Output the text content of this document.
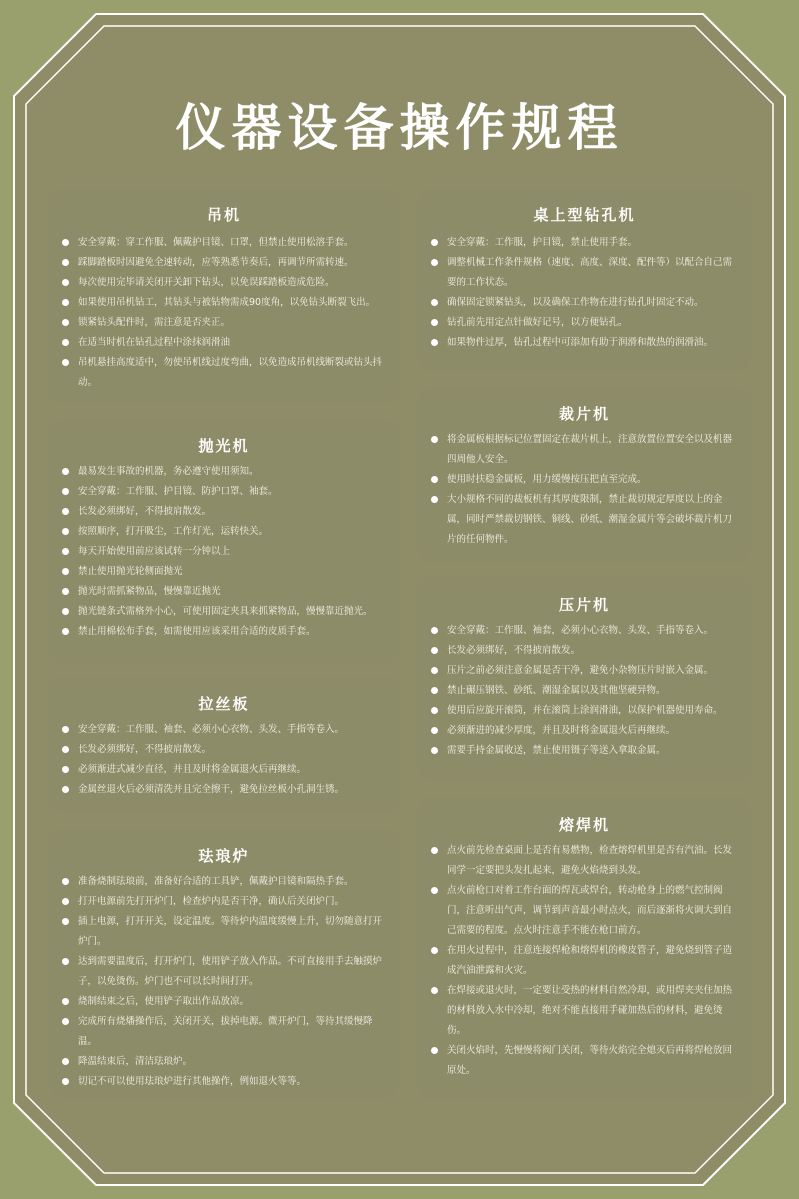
仪器设备操作规程
吊机
安全穿戴：穿工作服、佩戴护目镜、口罩，但禁止使用松溶手套。
踩脚踏板时因避免全速转动，应等熟悉节奏后，再调节所需转速。
每次使用完毕请关闭开关卸下钻头，以免误踩踏板造成危险。
如果使用吊机钻工，其钻头与被钻物需成90度角，以免钻头断裂飞出。
锁紧钻头配件时，需注意是否夹正。
在适当时机在钻孔过程中涂抹润滑油
吊机悬挂高度适中，勿使吊机线过度弯曲，以免造成吊机线断裂或钻头抖动。
抛光机
最易发生事故的机器，务必遵守使用须知。
安全穿戴：工作服、护目镜、防护口罩、袖套。
长发必须绑好，不得披肩散发。
按照顺序，打开吸尘，工作灯光，运转快关。
每天开始使用前应该试转一分钟以上
禁止使用抛光轮侧面抛光
抛光时需抓紧物品，慢慢靠近抛光
抛光链条式需格外小心，可使用固定夹具来抓紧物品，慢慢靠近抛光。
禁止用棉松布手套，如需使用应该采用合适的皮质手套。
拉丝板
安全穿戴：工作服、袖套、必须小心衣物、头发、手指等卷入。
长发必须绑好，不得披肩散发。
必须渐进式减少直径，并且及时将金属退火后再继续。
金属丝退火后必须清洗并且完全擦干，避免拉丝板小孔洞生锈。
珐琅炉
准备烧制珐琅前，准备好合适的工具铲，佩戴护目镜和隔热手套。
打开电源前先打开炉门，检查炉内是否干净，确认后关闭炉门。
插上电源，打开开关，设定温度。等待炉内温度缓慢上升，切勿随意打开炉门。
达到需要温度后，打开炉门，使用铲子放入作品。不可直接用手去触摸炉子，以免烫伤。炉门也不可以长时间打开。
烧制结束之后，使用铲子取出作品放凉。
完成所有烧燔操作后，关闭开关，拔掉电源。微开炉门，等待其缓慢降温。
降温结束后，清洁珐琅炉。
切记不可以使用珐琅炉进行其他操作，例如退火等等。
桌上型钻孔机
安全穿戴：工作服，护目镜，禁止使用手套。
调整机械工作条件规格（速度、高度、深度、配件等）以配合自己需要的工作状态。
确保固定锁紧钻头，以及确保工作物在进行钻孔时固定不动。
钻孔前先用定点针做好记号，以方便钻孔。
如果物件过厚，钻孔过程中可添加有助于润滑和散热的润滑油。
裁片机
将金属板根据标记位置固定在裁片机上，注意放置位置安全以及机器四周他人安全。
使用时扶稳金属板，用力缓慢按压把直至完成。
大小规格不同的裁板机有其厚度限制，禁止裁切规定厚度以上的金属，同时严禁裁切钢铁、铜线、砂纸、潮湿金属片等会破坏裁片机刀片的任何物件。
压片机
安全穿戴：工作服、袖套，必须小心衣物、头发、手指等卷入。
长发必须绑好，不得披肩散发。
压片之前必须注意金属是否干净，避免小杂物压片时嵌入金属。
禁止碾压钢铁、砂纸、潮湿金属以及其他坚硬异物。
使用后应旋开滚筒，并在滚筒上涂润滑油，以保护机器使用寿命。
必须渐进的减少厚度，并且及时将金属退火后再继续。
需要手持金属收送，禁止使用镊子等送入拿取金属。
熔焊机
点火前先检查桌面上是否有易燃物，检查熔焊机里是否有汽油。长发同学一定要把头发扎起来，避免火焰烧到头发。
点火前枪口对着工作台面的焊瓦或焊台，转动枪身上的燃气控制阀门，注意听出气声，调节到声音最小时点火，而后逐渐将火调大到自己需要的程度。点火时注意手不能在枪口前方。
在用火过程中，注意连接焊枪和熔焊机的橡皮管子，避免烧到管子造成汽油泄露和火灾。
在焊接或退火时，一定要让受热的材料自然冷却，或用焊夹夹住加热的材料放入水中冷却，绝对不能直接用手碰加热后的材料，避免烫伤。
关闭火焰时，先慢慢将阀门关闭，等待火焰完全熄灭后再将焊枪放回原处。
